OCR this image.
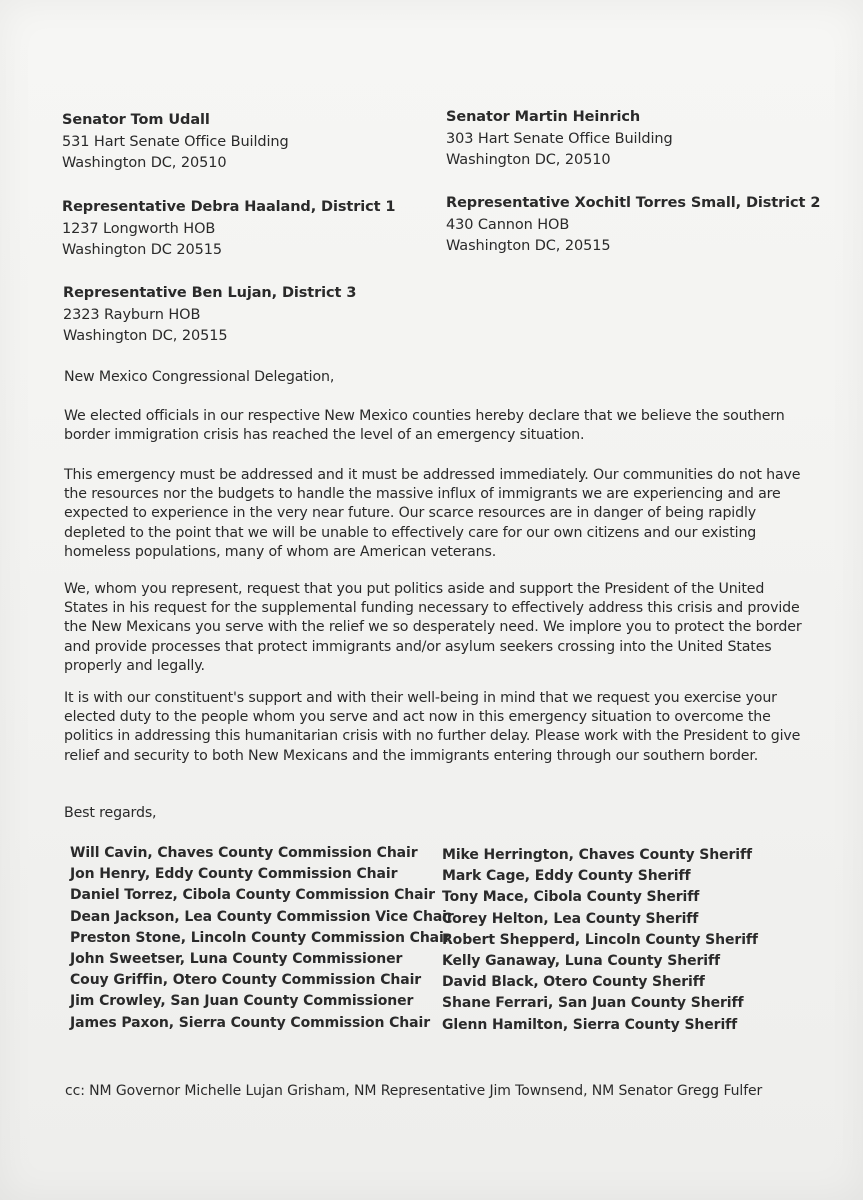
Senator Tom Udall
531 Hart Senate Office Building
Washington DC, 20510
Senator Martin Heinrich
303 Hart Senate Office Building
Washington DC, 20510
Representative Debra Haaland, District 1
1237 Longworth HOB
Washington DC 20515
Representative Xochitl Torres Small, District 2
430 Cannon HOB
Washington DC, 20515
Representative Ben Lujan, District 3
2323 Rayburn HOB
Washington DC, 20515

New Mexico Congressional Delegation,

We elected officials in our respective New Mexico counties hereby declare that we believe the southern border immigration crisis has reached the level of an emergency situation.

This emergency must be addressed and it must be addressed immediately. Our communities do not have the resources nor the budgets to handle the massive influx of immigrants we are experiencing and are expected to experience in the very near future. Our scarce resources are in danger of being rapidly depleted to the point that we will be unable to effectively care for our own citizens and our existing homeless populations, many of whom are American veterans.

We, whom you represent, request that you put politics aside and support the President of the United States in his request for the supplemental funding necessary to effectively address this crisis and provide the New Mexicans you serve with the relief we so desperately need. We implore you to protect the border and provide processes that protect immigrants and/or asylum seekers crossing into the United States properly and legally.

It is with our constituent's support and with their well-being in mind that we request you exercise your elected duty to the people whom you serve and act now in this emergency situation to overcome the politics in addressing this humanitarian crisis with no further delay. Please work with the President to give relief and security to both New Mexicans and the immigrants entering through our southern border.

Best regards,

Will Cavin, Chaves County Commission Chair
Jon Henry, Eddy County Commission Chair
Daniel Torrez, Cibola County Commission Chair
Dean Jackson, Lea County Commission Vice Chair
Preston Stone, Lincoln County Commission Chair
John Sweetser, Luna County Commissioner
Couy Griffin, Otero County Commission Chair
Jim Crowley, San Juan County Commissioner
James Paxon, Sierra County Commission Chair
Mike Herrington, Chaves County Sheriff
Mark Cage, Eddy County Sheriff
Tony Mace, Cibola County Sheriff
Corey Helton, Lea County Sheriff
Robert Shepperd, Lincoln County Sheriff
Kelly Ganaway, Luna County Sheriff
David Black, Otero County Sheriff
Shane Ferrari, San Juan County Sheriff
Glenn Hamilton, Sierra County Sheriff
cc: NM Governor Michelle Lujan Grisham, NM Representative Jim Townsend, NM Senator Gregg Fulfer
